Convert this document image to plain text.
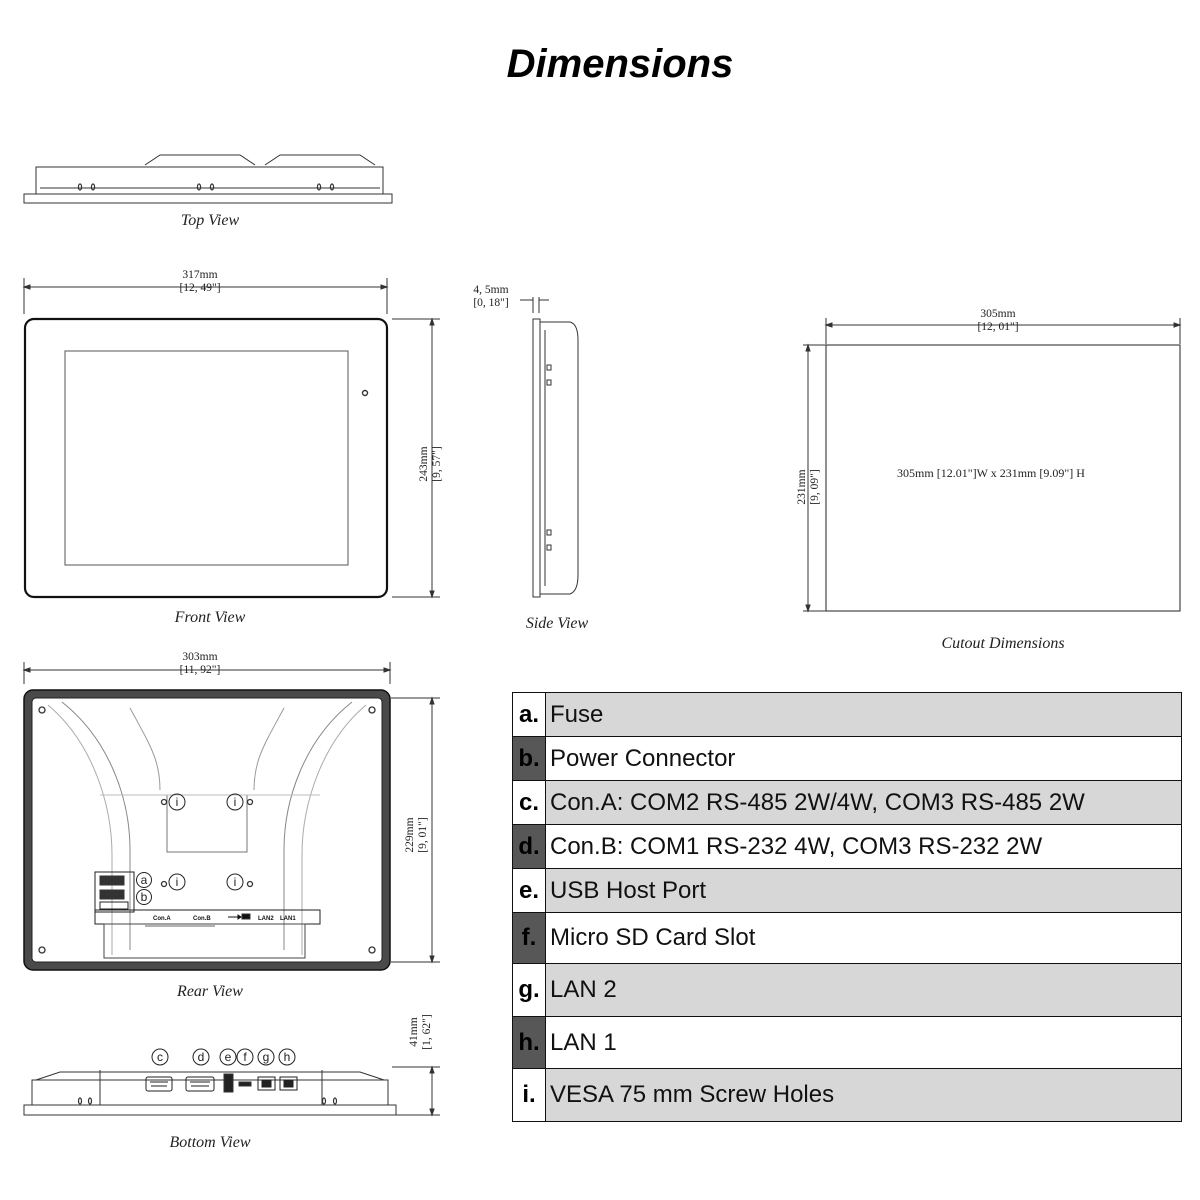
Dimensions
Con.A	Con.B	LAN2 LAN1
i	i
i	i
a
b
c	d e f g h
Top View
Front View	Side View
Cutout Dimensions
Rear View
Bottom View
317mm
[12, 49"]
243mm [9, 57"]
4, 5mm
[0, 18"]
305mm
[12, 01"]
231mm [9, 09"]	305mm [12.01"]W x 231mm [9.09"] H
303mm
[11, 92"]
229mm [9, 01"]
41mm [1, 62"]
a.	Fuse
b.	Power Connector
c.	Con.A: COM2 RS-485 2W/4W, COM3 RS-485 2W
d.	Con.B: COM1 RS-232 4W, COM3 RS-232 2W
e.	USB Host Port
f.	Micro SD Card Slot
g.	LAN 2
h.	LAN 1
i.	VESA 75 mm Screw Holes
